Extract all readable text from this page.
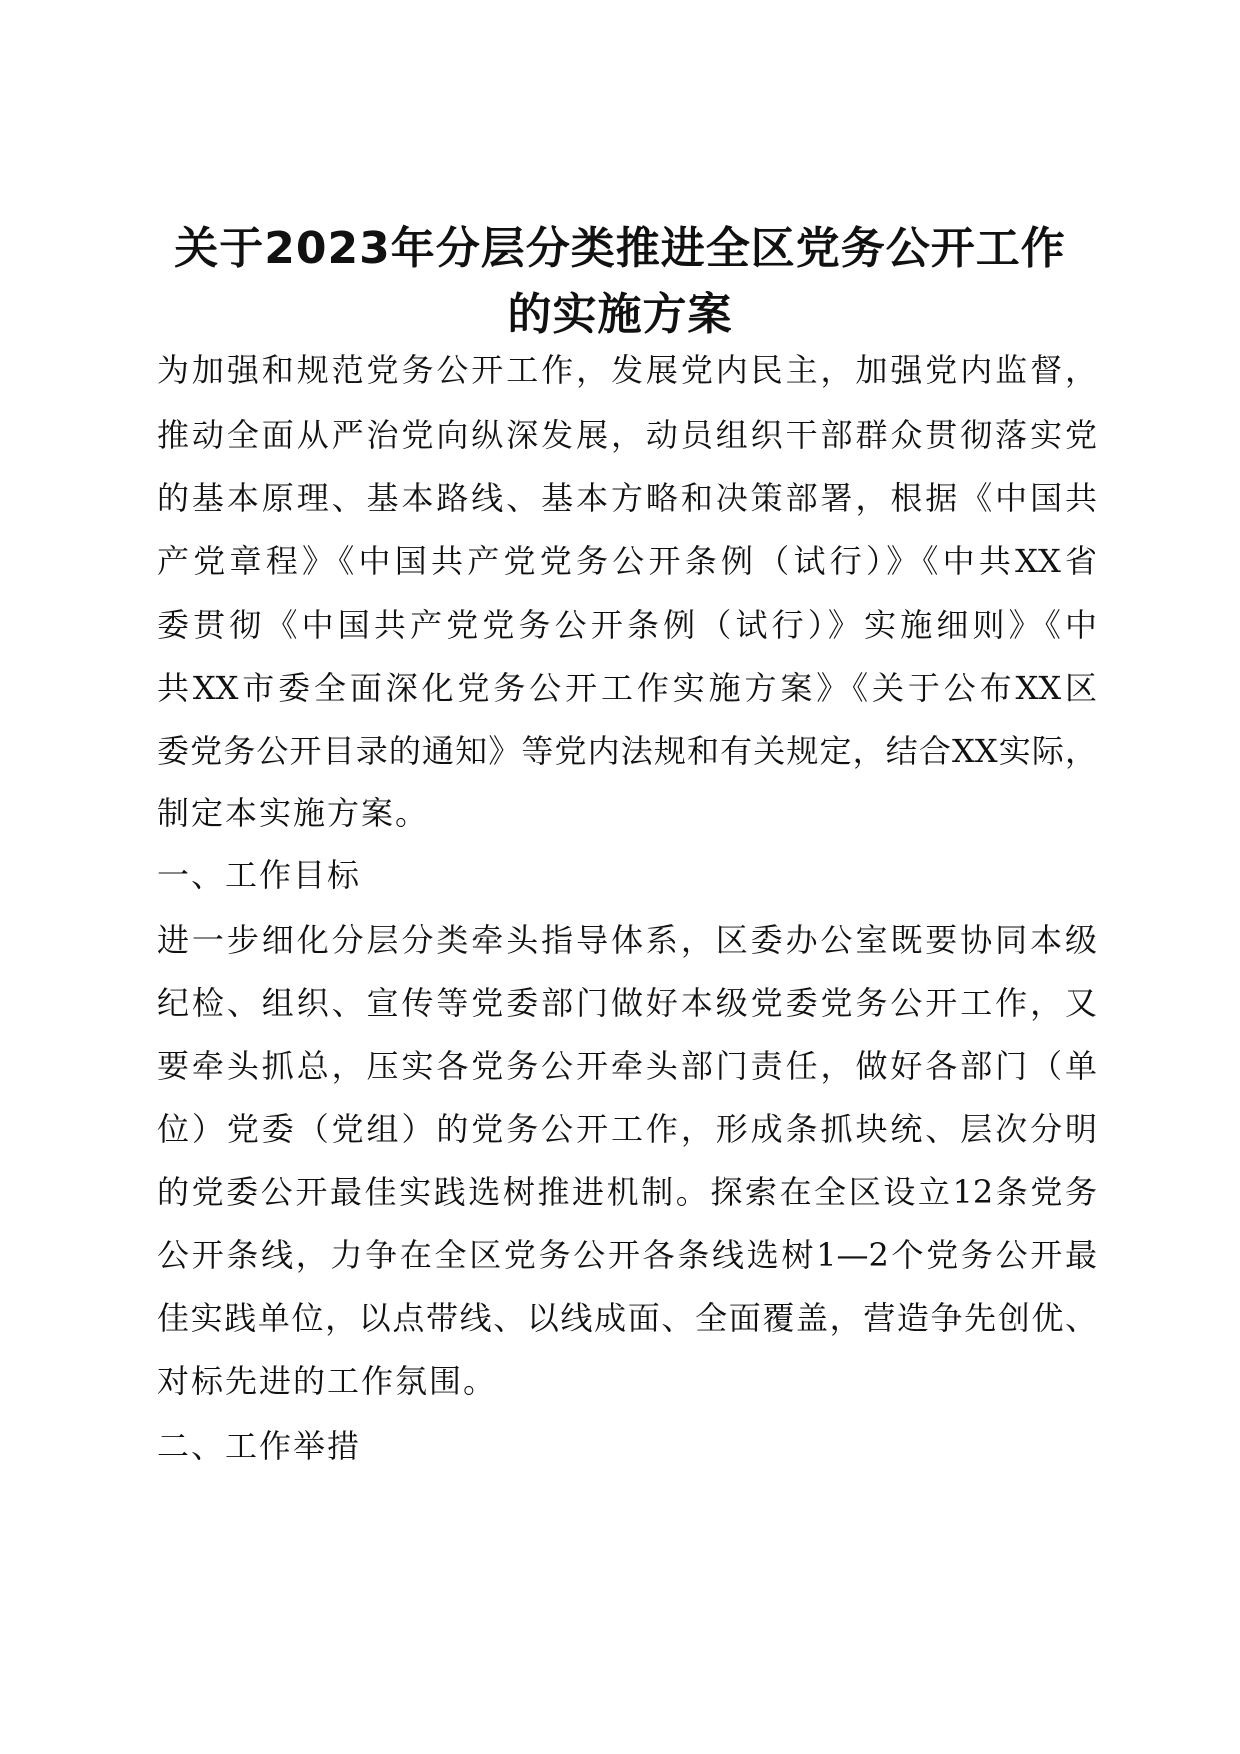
关于2023年分层分类推进全区党务公开工作
的实施方案

为加强和规范党务公开工作，发展党内民主，加强党内监督，

推动全面从严治党向纵深发展，动员组织干部群众贯彻落实党

的基本原理、基本路线、基本方略和决策部署，根据《中国共

产党章程》《中国共产党党务公开条例（试行）》《中共XX省

委贯彻《中国共产党党务公开条例（试行）》实施细则》《中

共XX市委全面深化党务公开工作实施方案》《关于公布XX区

委党务公开目录的通知》等党内法规和有关规定，结合XX实际，

制定本实施方案。

一、工作目标

进一步细化分层分类牵头指导体系，区委办公室既要协同本级

纪检、组织、宣传等党委部门做好本级党委党务公开工作，又

要牵头抓总，压实各党务公开牵头部门责任，做好各部门（单

位）党委（党组）的党务公开工作，形成条抓块统、层次分明

的党委公开最佳实践选树推进机制。探索在全区设立12条党务

公开条线，力争在全区党务公开各条线选树1—2个党务公开最

佳实践单位，以点带线、以线成面、全面覆盖，营造争先创优、

对标先进的工作氛围。

二、工作举措
